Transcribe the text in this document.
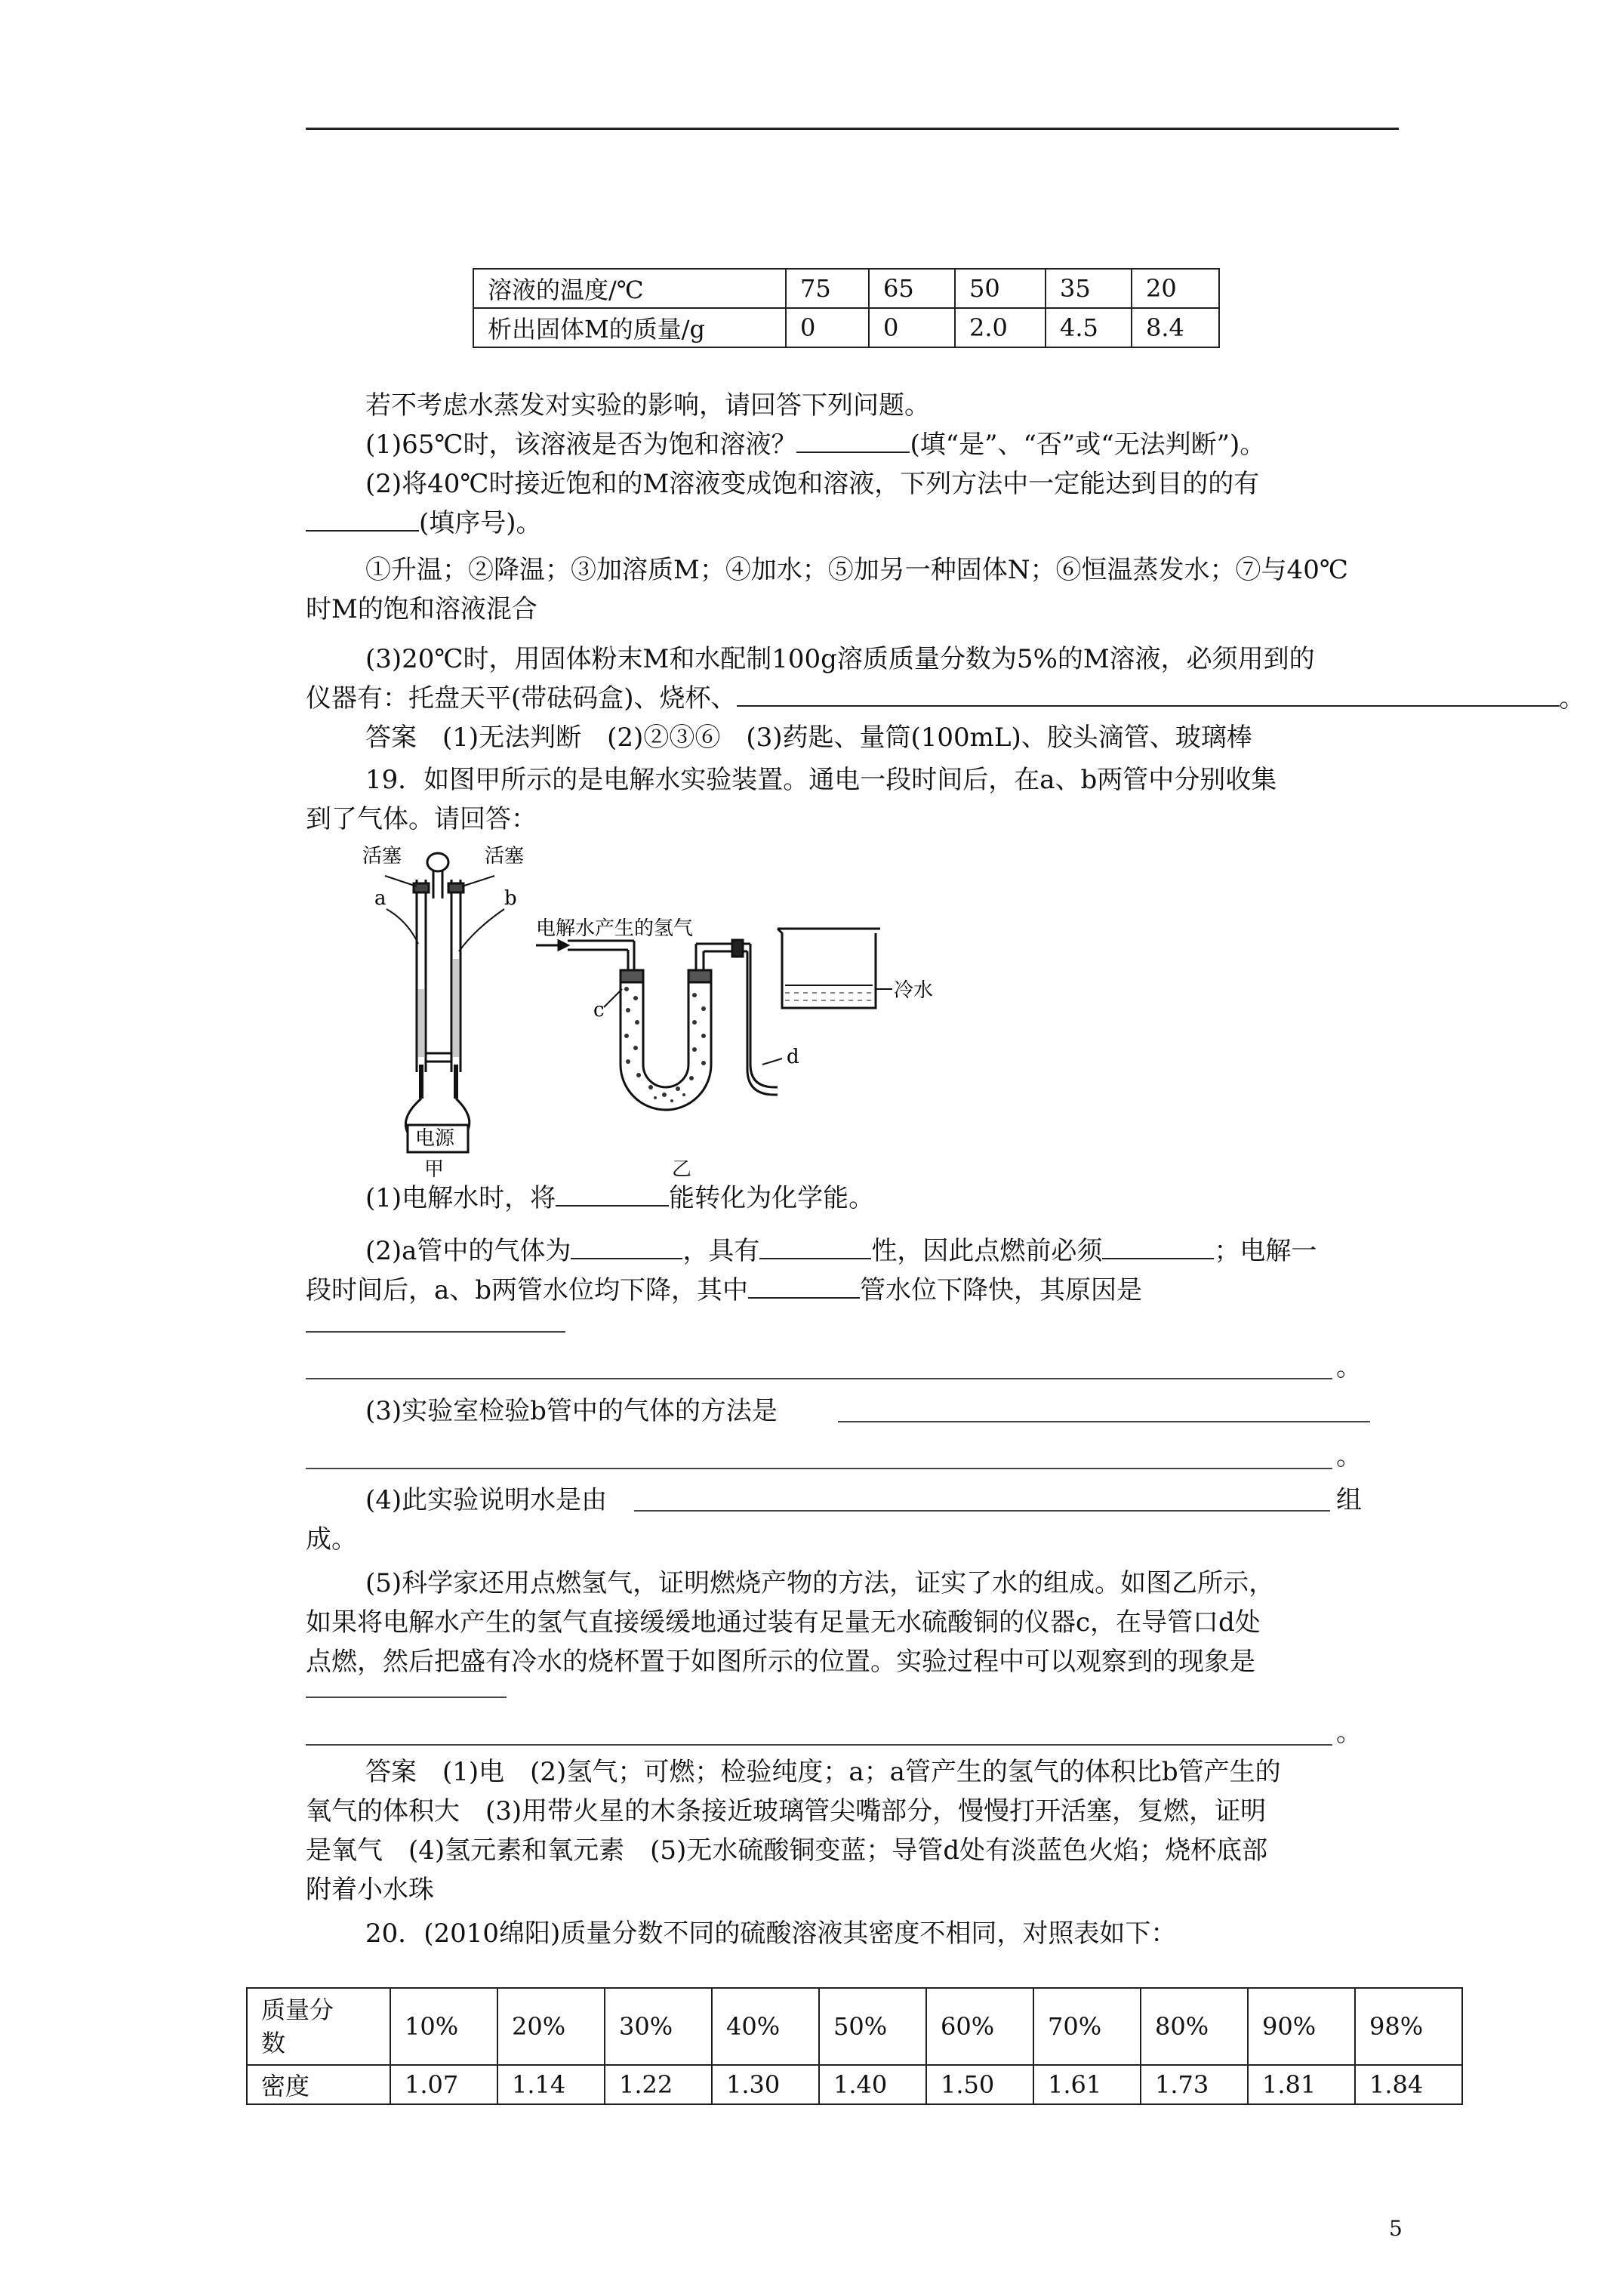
溶液的温度/℃	75	65	50	35	20
析出固体M的质量/g	0	0	2.0	4.5	8.4
若不考虑水蒸发对实验的影响，请回答下列问题。
(1)65℃时，该溶液是否为饱和溶液？	(填“是”、“否”或“无法判断”)。
(2)将40℃时接近饱和的M溶液变成饱和溶液，下列方法中一定能达到目的的有
(填序号)。
①升温；②降温；③加溶质M；④加水；⑤加另一种固体N；⑥恒温蒸发水；⑦与40℃
时M的饱和溶液混合
(3)20℃时，用固体粉末M和水配制100g溶质质量分数为5%的M溶液，必须用到的
仪器有：托盘天平(带砝码盒)、烧杯、	。
答案　(1)无法判断　(2)②③⑥　(3)药匙、量筒(100mL)、胶头滴管、玻璃棒
19．如图甲所示的是电解水实验装置。通电一段时间后，在a、b两管中分别收集
到了气体。请回答：
活塞	活塞
a	b
电源
电解水产生的氢气
c
冷水
d
甲	乙
(1)电解水时，将	能转化为化学能。
(2)a管中的气体为	，具有	性，因此点燃前必须	；电解一
段时间后，a、b两管水位均下降，其中	管水位下降快，其原因是
。
(3)实验室检验b管中的气体的方法是
。
(4)此实验说明水是由	组
成。
(5)科学家还用点燃氢气，证明燃烧产物的方法，证实了水的组成。如图乙所示，
如果将电解水产生的氢气直接缓缓地通过装有足量无水硫酸铜的仪器c，在导管口d处
点燃，然后把盛有冷水的烧杯置于如图所示的位置。实验过程中可以观察到的现象是
。
答案　(1)电　(2)氢气；可燃；检验纯度；a；a管产生的氢气的体积比b管产生的
氧气的体积大　(3)用带火星的木条接近玻璃管尖嘴部分，慢慢打开活塞，复燃，证明
是氧气　(4)氢元素和氧元素　(5)无水硫酸铜变蓝；导管d处有淡蓝色火焰；烧杯底部
附着小水珠
20．(2010绵阳)质量分数不同的硫酸溶液其密度不相同，对照表如下：
质量分
数	10%	20%	30%	40%	50%	60%	70%	80%	90%	98%
密度	1.07	1.14	1.22	1.30	1.40	1.50	1.61	1.73	1.81	1.84
5
